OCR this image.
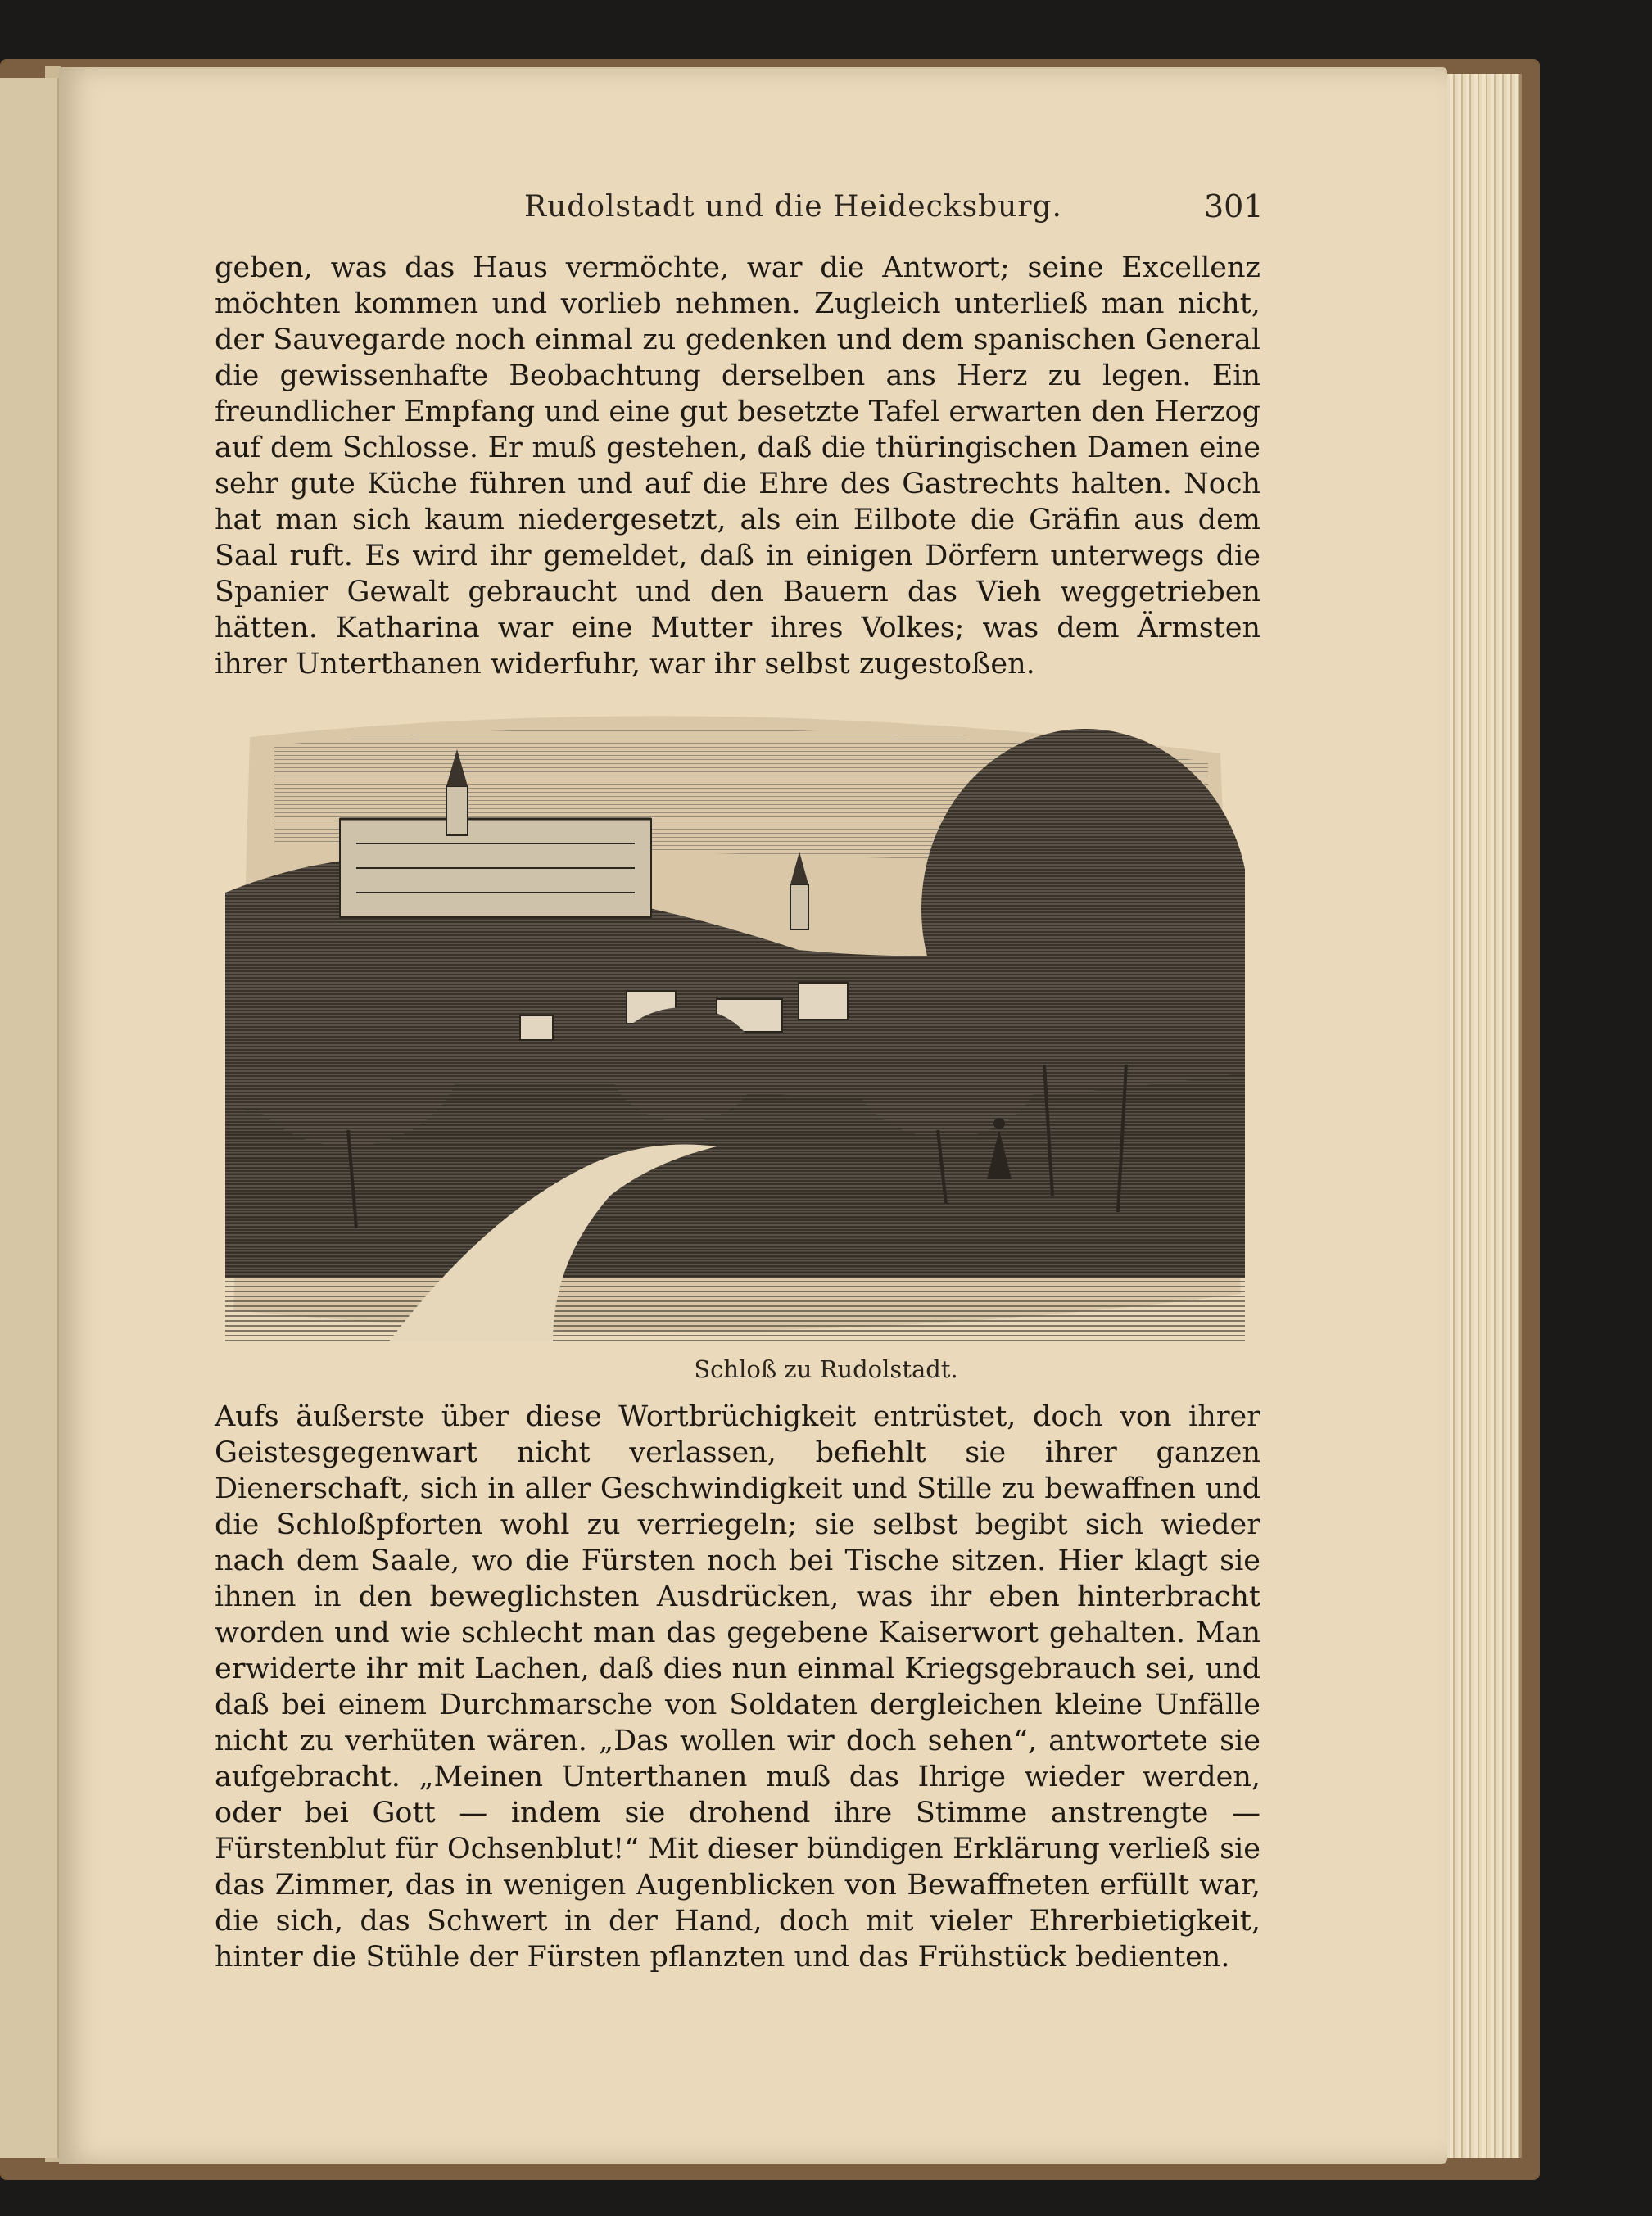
Rudolstadt und die Heidecksburg.	301

geben, was das Haus vermöchte, war die Antwort; seine Excellenz möchten kommen und vorlieb nehmen. Zugleich unterließ man nicht, der Sauvegarde noch einmal zu gedenken und dem spanischen General die gewissenhafte Beobachtung derselben ans Herz zu legen. Ein freundlicher Empfang und eine gut besetzte Tafel erwarten den Herzog auf dem Schlosse. Er muß gestehen, daß die thüringischen Damen eine sehr gute Küche führen und auf die Ehre des Gastrechts halten. Noch hat man sich kaum niedergesetzt, als ein Eilbote die Gräfin aus dem Saal ruft. Es wird ihr gemeldet, daß in einigen Dörfern unterwegs die Spanier Gewalt gebraucht und den Bauern das Vieh weggetrieben hätten. Katharina war eine Mutter ihres Volkes; was dem Ärmsten ihrer Unterthanen widerfuhr, war ihr selbst zugestoßen.

Schloß zu Rudolstadt.

Aufs äußerste über diese Wortbrüchigkeit entrüstet, doch von ihrer Geistesgegenwart nicht verlassen, befiehlt sie ihrer ganzen Dienerschaft, sich in aller Geschwindigkeit und Stille zu bewaffnen und die Schloßpforten wohl zu verriegeln; sie selbst begibt sich wieder nach dem Saale, wo die Fürsten noch bei Tische sitzen. Hier klagt sie ihnen in den beweglichsten Ausdrücken, was ihr eben hinterbracht worden und wie schlecht man das gegebene Kaiserwort gehalten. Man erwiderte ihr mit Lachen, daß dies nun einmal Kriegsgebrauch sei, und daß bei einem Durchmarsche von Soldaten dergleichen kleine Unfälle nicht zu verhüten wären. „Das wollen wir doch sehen“, antwortete sie aufgebracht. „Meinen Unterthanen muß das Ihrige wieder werden, oder bei Gott — indem sie drohend ihre Stimme anstrengte — Fürstenblut für Ochsenblut!“ Mit dieser bündigen Erklärung verließ sie das Zimmer, das in wenigen Augenblicken von Bewaffneten erfüllt war, die sich, das Schwert in der Hand, doch mit vieler Ehrerbietigkeit, hinter die Stühle der Fürsten pflanzten und das Frühstück bedienten.
